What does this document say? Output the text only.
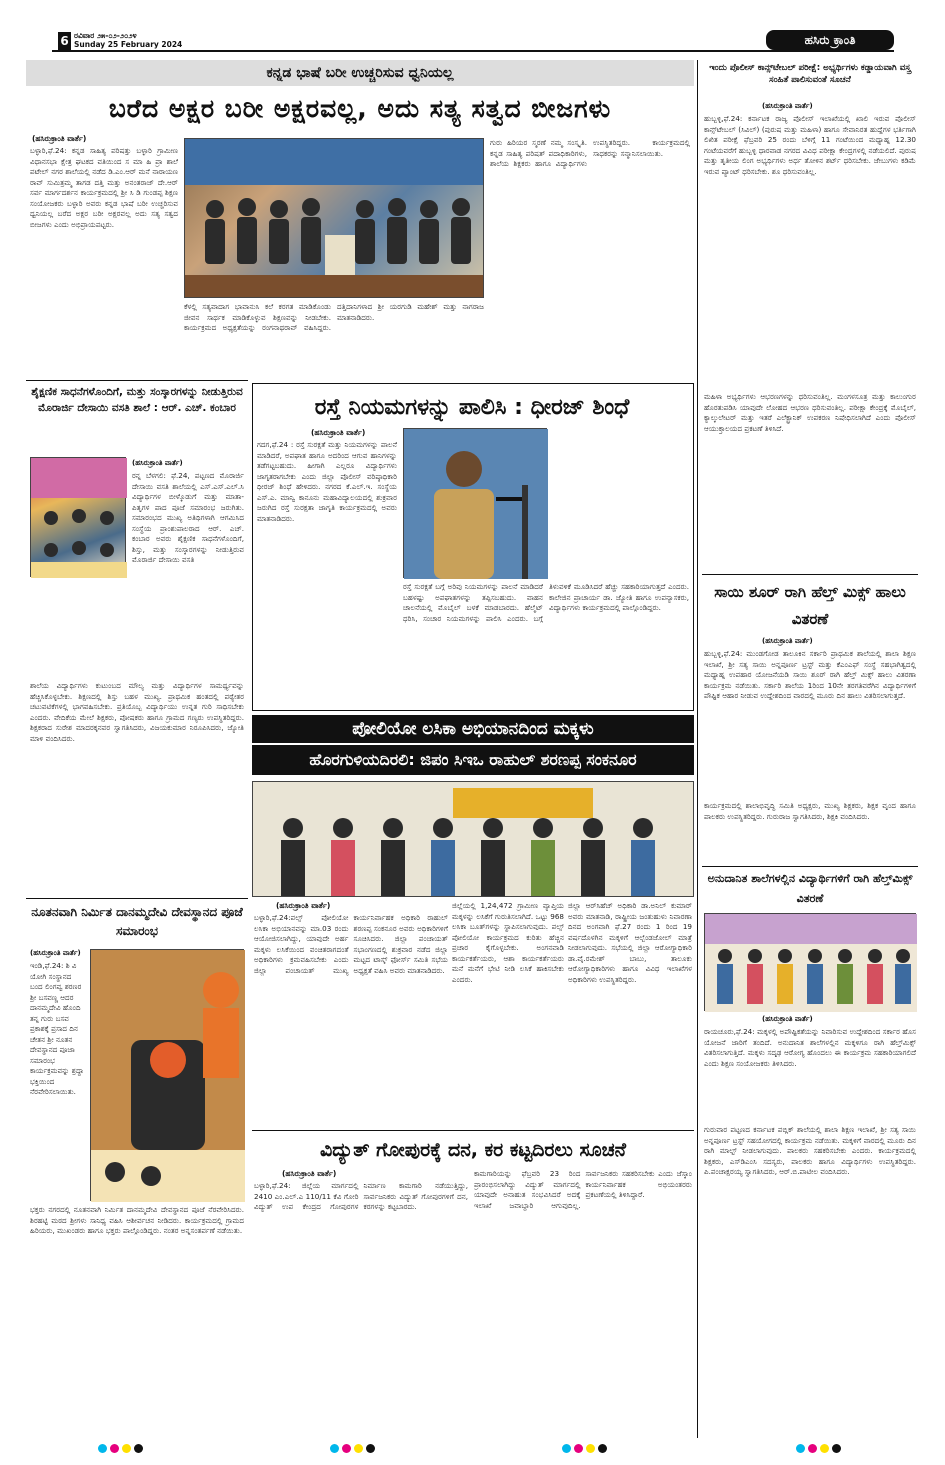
6 ರವಿವಾರ ೨೫-೦೨-೨೦೨೪
Sunday 25 February 2024	ಹಸಿರು ಕ್ರಾಂತಿ
ಕನ್ನಡ ಭಾಷೆ ಬರೀ ಉಚ್ಚರಿಸುವ ಧ್ವನಿಯಲ್ಲ
ಬರೆದ ಅಕ್ಷರ ಬರೀ ಅಕ್ಷರವಲ್ಲ, ಅದು ಸತ್ಯ ಸತ್ವದ ಬೀಜಗಳು
(ಹಸಿರುಕ್ರಾಂತಿ ವಾರ್ತೆ)
ಬಳ್ಳಾರಿ,ಫೆ.24: ಕನ್ನಡ ಸಾಹಿತ್ಯ ಪರಿಷತ್ತು ಬಳ್ಳಾರಿ ಗ್ರಾಮೀಣ ವಿಧಾನಸಭಾ ಕ್ಷೇತ್ರ ಘಟಕದ ವತಿಯಿಂದ ಸ ಮಾ ಹಿ ಪ್ರಾ ಶಾಲೆ ಪಟೇಲ್ ನಗರ ಶಾಲೆಯಲ್ಲಿ ನಡೆದ ಡಿ.ಎಂ.ಆರ್ ಮನೆ ನಾರಾಯಣ ರಾವ್ ಸುಮಿತ್ರಮ್ಮ ತಾಗಡ ದತ್ತಿ ಮತ್ತು ಅನಂತರಾಜ್ ದೇ.ಆರ್ ಸರ್ವ ಮಾರ್ಗದರ್ಶನ ಕಾರ್ಯಕ್ರಮದಲ್ಲಿ ಶ್ರೀ ಸಿ ಡಿ ಗುಂಡಪ್ಪ ಶಿಕ್ಷಣ ಸಂಯೋಜಕರು ಬಳ್ಳಾರಿ ಅವರು ಕನ್ನಡ ಭಾಷೆ ಬರೀ ಉಚ್ಚರಿಸುವ ಧ್ವನಿಯಲ್ಲ ಬರೆದ ಅಕ್ಷರ ಬರೀ ಅಕ್ಷರವಲ್ಲ ಅದು ಸತ್ಯ ಸತ್ವದ ಬೀಜಗಳು ಎಂದು ಅಭಿಪ್ರಾಯಪಟ್ಟರು.
ಕೆಳಲ್ಲಿ ಸತ್ಯವಾದಾಗ ಭಾವಾನುಸಿ ಕಲೆ ಕರಗತ ಮಾಡಿಕೊಂಡು ಜೀವನ ಸಾರ್ಥಕ ಮಾಡಿಕೊಳ್ಳುವ ಶಿಕ್ಷಣವನ್ನು ನೀಡಬೇಕು. ಕಾರ್ಯಕ್ರಮದ ಅಧ್ಯಕ್ಷತೆಯನ್ನು ರಂಗನಾಥರಾವ್ ವಹಿಸಿದ್ದರು. ದತ್ತಿದಾನಿಗಳಾದ ಶ್ರೀ ಯರಗುಡಿ ಮಹೇಶ್ ಮತ್ತು ನಾಗರಾಜ ಮಾತನಾಡಿದರು.
ಗುರು ಹಿರಿಯರ ಸ್ಮರಣೆ ನಮ್ಮ ಸಂಸ್ಕೃತಿ. ಕನ್ನಡ ಸಾಹಿತ್ಯ ಪರಿಷತ್ ಪದಾಧಿಕಾರಿಗಳು, ಶಾಲೆಯ ಶಿಕ್ಷಕರು ಹಾಗೂ ವಿದ್ಯಾರ್ಥಿಗಳು ಉಪಸ್ಥಿತರಿದ್ದರು. ಕಾರ್ಯಕ್ರಮದಲ್ಲಿ ಸಾಧಕರನ್ನು ಸನ್ಮಾನಿಸಲಾಯಿತು.
ಶೈಕ್ಷಣಿಕ ಸಾಧನೆಗಳೊಂದಿಗೆ, ಮತ್ತು ಸಂಸ್ಕಾರಗಳನ್ನು ನೀಡುತ್ತಿರುವ ಮೊರಾರ್ಜಿ ದೇಸಾಯಿ ವಸತಿ ಶಾಲೆ : ಆರ್. ಎಚ್. ಕಂಬಾರ
(ಹಸಿರುಕ್ರಾಂತಿ ವಾರ್ತೆ)
ರನ್ನ ಬೆಳಗಲಿ: ಫೆ.24, ಪಟ್ಟಣದ ಮೊರಾರ್ಜಿ ದೇಸಾಯಿ ವಸತಿ ಶಾಲೆಯಲ್ಲಿ ಎಸ್.ಎಸ್.ಎಲ್.ಸಿ ವಿದ್ಯಾರ್ಥಿಗಳ ಬೀಳ್ಕೊಡುಗೆ ಮತ್ತು ಮಾತಾ-ಪಿತೃಗಳ ಪಾದ ಪೂಜೆ ಸಮಾರಂಭ ಜರುಗಿತು. ಸಮಾರಂಭದ ಮುಖ್ಯ ಅತಿಥಿಗಳಾಗಿ ಆಗಮಿಸಿದ ಸಂಸ್ಥೆಯ ಪ್ರಾಂಶುಪಾಲರಾದ ಆರ್. ಎಚ್. ಕಂಬಾರ ಅವರು ಶೈಕ್ಷಣಿಕ ಸಾಧನೆಗಳೊಂದಿಗೆ, ಶಿಸ್ತು, ಮತ್ತು ಸಂಸ್ಕಾರಗಳನ್ನು ನೀಡುತ್ತಿರುವ ಮೊರಾರ್ಜಿ ದೇಸಾಯಿ ವಸತಿ
ಶಾಲೆಯ ವಿದ್ಯಾರ್ಥಿಗಳು ಕುಟುಂಬದ ಮೌಲ್ಯ ಮತ್ತು ವಿದ್ಯಾರ್ಥಿಗಳ ಸಾಮರ್ಥ್ಯವನ್ನು ಹೆಚ್ಚಿಸಿಕೊಳ್ಳಬೇಕು. ಶಿಕ್ಷಣದಲ್ಲಿ ಶಿಸ್ತು ಬಹಳ ಮುಖ್ಯ. ಪ್ರಾಥಮಿಕ ಹಂತದಲ್ಲಿ ಪಠ್ಯೇತರ ಚಟುವಟಿಕೆಗಳಲ್ಲಿ ಭಾಗವಹಿಸಬೇಕು. ಪ್ರತಿಯೊಬ್ಬ ವಿದ್ಯಾರ್ಥಿಯು ಉನ್ನತ ಗುರಿ ಸಾಧಿಸಬೇಕು ಎಂದರು. ವೇದಿಕೆಯ ಮೇಲೆ ಶಿಕ್ಷಕರು, ಪೋಷಕರು ಹಾಗೂ ಗ್ರಾಮದ ಗಣ್ಯರು ಉಪಸ್ಥಿತರಿದ್ದರು. ಶಿಕ್ಷಕರಾದ ಸುರೇಶ ಮಾದರಕ್ಕನವರ ಸ್ವಾಗತಿಸಿದರು, ವಿಜಯಕುಮಾರ ನಿರೂಪಿಸಿದರು, ಜ್ಯೋತಿ ಮಾಳಿ ವಂದಿಸಿದರು.
ನೂತನವಾಗಿ ನಿರ್ಮಿತ ದಾನಮ್ಮದೇವಿ ದೇವಸ್ಥಾನದ ಪೂಜೆ ಸಮಾರಂಭ
(ಹಸಿರುಕ್ರಾಂತಿ ವಾರ್ತೆ)
ಇಂಡಿ,ಫೆ.24: ಶಿ ವಿ ಯೋಗಿ ಸಂಸ್ಥಾನದ ಬಂದ ಲಿಂಗವ್ವ ಶರಣರ ಶ್ರೀ ಬಸವಣ್ಣ ಆದರ ದಾನಮ್ಮದೇವಿ ಹೊಂದಿ ತನ್ನ ಗುರು ಬಸವ ಪ್ರಕಾಶಕ್ಕೆ ಪ್ರಸಾದ ದಿನ ಚೇತನ ಶ್ರೀ ನೂತನ ದೇವಸ್ಥಾನದ ಪೂಜಾ ಸಮಾರಂಭ ಕಾರ್ಯಕ್ರಮವನ್ನು ಶ್ರದ್ಧಾ ಭಕ್ತಿಯಿಂದ ನೆರವೇರಿಸಲಾಯಿತು.
ಭಕ್ತರು ನಗರದಲ್ಲಿ ನೂತನವಾಗಿ ನಿರ್ಮಿತ ದಾನಮ್ಮದೇವಿ ದೇವಸ್ಥಾನದ ಪೂಜೆ ನೆರವೇರಿಸಿದರು. ಶಿರಹಟ್ಟಿ ಮಠದ ಶ್ರೀಗಳು ಸಾನಿಧ್ಯ ವಹಿಸಿ ಆಶೀರ್ವಚನ ನೀಡಿದರು. ಕಾರ್ಯಕ್ರಮದಲ್ಲಿ ಗ್ರಾಮದ ಹಿರಿಯರು, ಮುಖಂಡರು ಹಾಗೂ ಭಕ್ತರು ಪಾಲ್ಗೊಂಡಿದ್ದರು. ನಂತರ ಅನ್ನಸಂತರ್ಪಣೆ ನಡೆಯಿತು.
ರಸ್ತೆ ನಿಯಮಗಳನ್ನು ಪಾಲಿಸಿ : ಧೀರಜ್ ಶಿಂಧೆ
(ಹಸಿರುಕ್ರಾಂತಿ ವಾರ್ತೆ)
ಗದಗ,ಫೆ.24 : ರಸ್ತೆ ಸುರಕ್ಷತೆ ಮತ್ತು ನಿಯಮಗಳನ್ನು ಪಾಲನೆ ಮಾಡಿದರೆ, ಅಪಘಾತ ಹಾಗೂ ಅದರಿಂದ ಆಗುವ ಹಾನಿಗಳನ್ನು ತಡೆಗಟ್ಟಬಹುದು. ಹೀಗಾಗಿ ಎಲ್ಲರೂ ವಿದ್ಯಾರ್ಥಿಗಳು ಜಾಗೃತರಾಗಬೇಕು ಎಂದು ಜಿಲ್ಲಾ ಪೊಲೀಸ್ ವರಿಷ್ಠಾಧಿಕಾರಿ ಧೀರಜ್ ಶಿಂಧೆ ಹೇಳಿದರು. ನಗರದ ಕೆ.ಎಲ್.ಇ. ಸಂಸ್ಥೆಯ ಎಸ್.ಎ. ಮಾನ್ವಿ ಕಾನೂನು ಮಹಾವಿದ್ಯಾಲಯದಲ್ಲಿ ಶುಕ್ರವಾರ ಜರುಗಿದ ರಸ್ತೆ ಸುರಕ್ಷತಾ ಜಾಗೃತಿ ಕಾರ್ಯಕ್ರಮದಲ್ಲಿ ಅವರು ಮಾತನಾಡಿದರು.
ರಸ್ತೆ ಸುರಕ್ಷತೆ ಬಗ್ಗೆ ಅರಿವು ನಿಯಮಗಳನ್ನು ಪಾಲನೆ ಮಾಡಿದರೆ ಬಹಳಷ್ಟು ಅಪಘಾತಗಳನ್ನು ತಪ್ಪಿಸಬಹುದು. ವಾಹನ ಚಾಲನೆಯಲ್ಲಿ ಮೊಬೈಲ್ ಬಳಕೆ ಮಾಡಬಾರದು. ಹೆಲ್ಮೆಟ್ ಧರಿಸಿ, ಸಂಚಾರ ನಿಯಮಗಳನ್ನು ಪಾಲಿಸಿ ಎಂದರು. ಬಗ್ಗೆ ತಿಳುವಳಿಕೆ ಮೂಡಿಸಿದರೆ ಹೆಚ್ಚು ಸಹಕಾರಿಯಾಗುತ್ತದೆ ಎಂದರು. ಕಾಲೇಜಿನ ಪ್ರಾಚಾರ್ಯ ಡಾ. ಜ್ಯೋತಿ ಹಾಗೂ ಉಪನ್ಯಾಸಕರು, ವಿದ್ಯಾರ್ಥಿಗಳು ಕಾರ್ಯಕ್ರಮದಲ್ಲಿ ಪಾಲ್ಗೊಂಡಿದ್ದರು.
ಪೋಲಿಯೋ ಲಸಿಕಾ ಅಭಿಯಾನದಿಂದ ಮಕ್ಕಳು
ಹೊರಗುಳಿಯದಿರಲಿ: ಜಿಪಂ ಸಿಇಒ ರಾಹುಲ್ ಶರಣಪ್ಪ ಸಂಕನೂರ
(ಹಸಿರುಕ್ರಾಂತಿ ವಾರ್ತೆ)
ಬಳ್ಳಾರಿ,ಫೆ.24:ಪಲ್ಸ್ ಪೋಲಿಯೋ ಲಸಿಕಾ ಅಭಿಯಾನವನ್ನು ಮಾ.03 ರಂದು ಆಯೋಜಿಸಲಾಗಿದ್ದು, ಯಾವುದೇ ಅರ್ಹ ಮಕ್ಕಳು ಲಸಿಕೆಯಿಂದ ವಂಚಿತರಾಗದಂತೆ ಅಧಿಕಾರಿಗಳು ಕ್ರಮವಹಿಸಬೇಕು ಎಂದು ಜಿಲ್ಲಾ ಪಂಚಾಯತ್ ಮುಖ್ಯ ಕಾರ್ಯನಿರ್ವಾಹಕ ಅಧಿಕಾರಿ ರಾಹುಲ್ ಶರಣಪ್ಪ ಸಂಕನೂರ ಅವರು ಅಧಿಕಾರಿಗಳಿಗೆ ಸೂಚಿಸಿದರು. ಜಿಲ್ಲಾ ಪಂಚಾಯತ್ ಸಭಾಂಗಣದಲ್ಲಿ ಶುಕ್ರವಾರ ನಡೆದ ಜಿಲ್ಲಾ ಮಟ್ಟದ ಟಾಸ್ಕ್ ಫೋರ್ಸ್ ಸಮಿತಿ ಸಭೆಯ ಅಧ್ಯಕ್ಷತೆ ವಹಿಸಿ ಅವರು ಮಾತನಾಡಿದರು.
ಜಿಲ್ಲೆಯಲ್ಲಿ 1,24,472 ಗ್ರಾಮೀಣ ವ್ಯಾಪ್ತಿಯ ಮಕ್ಕಳನ್ನು ಲಸಿಕೆಗೆ ಗುರುತಿಸಲಾಗಿದೆ. ಒಟ್ಟು 968 ಲಸಿಕಾ ಬೂತ್‌ಗಳನ್ನು ಸ್ಥಾಪಿಸಲಾಗುವುದು. ಪಲ್ಸ್ ಪೋಲಿಯೋ ಕಾರ್ಯಕ್ರಮದ ಕುರಿತು ಹೆಚ್ಚಿನ ಪ್ರಚಾರ ಕೈಗೊಳ್ಳಬೇಕು. ಅಂಗನವಾಡಿ ಕಾರ್ಯಕರ್ತೆಯರು, ಆಶಾ ಕಾರ್ಯಕರ್ತೆಯರು ಮನೆ ಮನೆಗೆ ಭೇಟಿ ನೀಡಿ ಲಸಿಕೆ ಹಾಕಿಸಬೇಕು ಎಂದರು.
ಜಿಲ್ಲಾ ಆರ್‌ಸಿಹೆಚ್ ಅಧಿಕಾರಿ ಡಾ.ಅನಿಲ್ ಕುಮಾರ್ ಅವರು ಮಾತನಾಡಿ, ರಾಷ್ಟ್ರೀಯ ಜಂತುಹುಳು ನಿವಾರಣಾ ದಿನದ ಅಂಗವಾಗಿ ಫೆ.27 ರಂದು 1 ರಿಂದ 19 ವರ್ಷದೊಳಗಿನ ಮಕ್ಕಳಿಗೆ ಆಲ್ಬೆಂಡಜೋಲ್ ಮಾತ್ರೆ ನೀಡಲಾಗುವುದು. ಸಭೆಯಲ್ಲಿ ಜಿಲ್ಲಾ ಆರೋಗ್ಯಾಧಿಕಾರಿ ಡಾ.ವೈ.ರಮೇಶ್ ಬಾಬು, ತಾಲೂಕು ಆರೋಗ್ಯಾಧಿಕಾರಿಗಳು ಹಾಗೂ ವಿವಿಧ ಇಲಾಖೆಗಳ ಅಧಿಕಾರಿಗಳು ಉಪಸ್ಥಿತರಿದ್ದರು.
ವಿದ್ಯುತ್ ಗೋಪುರಕ್ಕೆ ದನ, ಕರ ಕಟ್ಟದಿರಲು ಸೂಚನೆ
(ಹಸಿರುಕ್ರಾಂತಿ ವಾರ್ತೆ)
ಬಳ್ಳಾರಿ,ಫೆ.24: ಜಿಲ್ಲೆಯ ಮಾರ್ಗದಲ್ಲಿ 2410 ಎಂ.ಎಲ್.ಎ 110/11 ಕೆವಿ ಗೋರಿ ವಿದ್ಯುತ್ ಉಪ ಕೇಂದ್ರದ ಗೋಪುರಗಳ ನಿರ್ಮಾಣ ಕಾಮಗಾರಿ ನಡೆಯುತ್ತಿದ್ದು, ಸಾರ್ವಜನಿಕರು ವಿದ್ಯುತ್ ಗೋಪುರಗಳಿಗೆ ದನ, ಕರಗಳನ್ನು ಕಟ್ಟಬಾರದು.
ಕಾಮಗಾರಿಯನ್ನು ಫೆಬ್ರವರಿ 23 ರಿಂದ ಪ್ರಾರಂಭಿಸಲಾಗಿದ್ದು ವಿದ್ಯುತ್ ಮಾರ್ಗದಲ್ಲಿ ಯಾವುದೇ ಅನಾಹುತ ಸಂಭವಿಸಿದರೆ ಅದಕ್ಕೆ ಇಲಾಖೆ ಜವಾಬ್ದಾರಿ ಆಗುವುದಿಲ್ಲ. ಸಾರ್ವಜನಿಕರು ಸಹಕರಿಸಬೇಕು ಎಂದು ಜೆಸ್ಕಾಂ ಕಾರ್ಯನಿರ್ವಾಹಕ ಅಭಿಯಂತರರು ಪ್ರಕಟಣೆಯಲ್ಲಿ ತಿಳಿಸಿದ್ದಾರೆ.
ಇಂದು ಪೊಲೀಸ್ ಕಾನ್ಸ್‌ಟೇಬಲ್ ಪರೀಕ್ಷೆ: ಅಭ್ಯರ್ಥಿಗಳು ಕಡ್ಡಾಯವಾಗಿ ವಸ್ತ್ರ ಸಂಹಿತೆ ಪಾಲಿಸುವಂತೆ ಸೂಚನೆ
(ಹಸಿರುಕ್ರಾಂತಿ ವಾರ್ತೆ)
ಹುಬ್ಬಳ್ಳಿ,ಫೆ.24: ಕರ್ನಾಟಕ ರಾಜ್ಯ ಪೊಲೀಸ್ ಇಲಾಖೆಯಲ್ಲಿ ಖಾಲಿ ಇರುವ ಪೊಲೀಸ್ ಕಾನ್ಸ್‌ಟೇಬಲ್ (ಸಿವಿಲ್) (ಪುರುಷ ಮತ್ತು ಮಹಿಳಾ) ಹಾಗೂ ಸೇವಾನಿರತ ಹುದ್ದೆಗಳ ಭರ್ತಿಗಾಗಿ ಲಿಖಿತ ಪರೀಕ್ಷೆ ಫೆಬ್ರವರಿ 25 ರಂದು ಬೆಳಿಗ್ಗೆ 11 ಗಂಟೆಯಿಂದ ಮಧ್ಯಾಹ್ನ 12.30 ಗಂಟೆಯವರೆಗೆ ಹುಬ್ಬಳ್ಳಿ ಧಾರವಾಡ ನಗರದ ವಿವಿಧ ಪರೀಕ್ಷಾ ಕೇಂದ್ರಗಳಲ್ಲಿ ನಡೆಯಲಿದೆ. ಪುರುಷ ಮತ್ತು ತೃತೀಯ ಲಿಂಗ ಅಭ್ಯರ್ಥಿಗಳು ಅರ್ಧ ತೋಳಿನ ಶರ್ಟ್ ಧರಿಸಬೇಕು. ಜೇಬುಗಳು ಕಡಿಮೆ ಇರುವ ಪ್ಯಾಂಟ್ ಧರಿಸಬೇಕು. ಶೂ ಧರಿಸುವಂತಿಲ್ಲ.
ಮಹಿಳಾ ಅಭ್ಯರ್ಥಿಗಳು ಆಭರಣಗಳನ್ನು ಧರಿಸುವಂತಿಲ್ಲ. ಮಂಗಳಸೂತ್ರ ಮತ್ತು ಕಾಲುಂಗುರ ಹೊರತುಪಡಿಸಿ ಯಾವುದೇ ಲೋಹದ ಆಭರಣ ಧರಿಸುವಂತಿಲ್ಲ. ಪರೀಕ್ಷಾ ಕೇಂದ್ರಕ್ಕೆ ಮೊಬೈಲ್, ಕ್ಯಾಲ್ಕುಲೇಟರ್ ಮತ್ತು ಇತರೆ ಎಲೆಕ್ಟ್ರಾನಿಕ್ ಉಪಕರಣ ನಿಷೇಧಿಸಲಾಗಿದೆ ಎಂದು ಪೊಲೀಸ್ ಆಯುಕ್ತಾಲಯದ ಪ್ರಕಟಣೆ ತಿಳಿಸಿದೆ.
ಸಾಯಿ ಶೂರ್ ರಾಗಿ ಹೆಲ್ತ್ ಮಿಕ್ಸ್ ಹಾಲು ವಿತರಣೆ
(ಹಸಿರುಕ್ರಾಂತಿ ವಾರ್ತೆ)
ಹುಬ್ಬಳ್ಳಿ,ಫೆ.24: ಮುಂಡಗೋಡ ತಾಲೂಕಿನ ಸರ್ಕಾರಿ ಪ್ರಾಥಮಿಕ ಶಾಲೆಯಲ್ಲಿ ಶಾಲಾ ಶಿಕ್ಷಣ ಇಲಾಖೆ, ಶ್ರೀ ಸತ್ಯ ಸಾಯಿ ಅನ್ನಪೂರ್ಣ ಟ್ರಸ್ಟ್ ಮತ್ತು ಕೆಎಂಎಫ್ ಸಂಸ್ಥೆ ಸಹಭಾಗಿತ್ವದಲ್ಲಿ ಮಧ್ಯಾಹ್ನ ಉಪಹಾರ ಯೋಜನೆಯಡಿ ಸಾಯಿ ಶೂರ್ ರಾಗಿ ಹೆಲ್ತ್ ಮಿಕ್ಸ್ ಹಾಲು ವಿತರಣಾ ಕಾರ್ಯಕ್ರಮ ನಡೆಯಿತು. ಸರ್ಕಾರಿ ಶಾಲೆಯ 1ರಿಂದ 10ನೇ ತರಗತಿವರೆಗಿನ ವಿದ್ಯಾರ್ಥಿಗಳಿಗೆ ಪೌಷ್ಟಿಕ ಆಹಾರ ನೀಡುವ ಉದ್ದೇಶದಿಂದ ವಾರದಲ್ಲಿ ಮೂರು ದಿನ ಹಾಲು ವಿತರಿಸಲಾಗುತ್ತದೆ.
ಕಾರ್ಯಕ್ರಮದಲ್ಲಿ ಶಾಲಾಭಿವೃದ್ಧಿ ಸಮಿತಿ ಅಧ್ಯಕ್ಷರು, ಮುಖ್ಯ ಶಿಕ್ಷಕರು, ಶಿಕ್ಷಕ ವೃಂದ ಹಾಗೂ ಪಾಲಕರು ಉಪಸ್ಥಿತರಿದ್ದರು. ಗುರುರಾಜ ಸ್ವಾಗತಿಸಿದರು, ಶಿಕ್ಷಕಿ ವಂದಿಸಿದರು.
ಅನುದಾನಿತ ಶಾಲೆಗಳಲ್ಲಿನ ವಿದ್ಯಾರ್ಥಿಗಳಿಗೆ ರಾಗಿ ಹೆಲ್ತ್‌ಮಿಕ್ಸ್ ವಿತರಣೆ
(ಹಸಿರುಕ್ರಾಂತಿ ವಾರ್ತೆ)
ರಾಯಚೂರು,ಫೆ.24: ಮಕ್ಕಳಲ್ಲಿ ಅಪೌಷ್ಟಿಕತೆಯನ್ನು ನಿವಾರಿಸುವ ಉದ್ದೇಶದಿಂದ ಸರ್ಕಾರ ಹೊಸ ಯೋಜನೆ ಜಾರಿಗೆ ತಂದಿದೆ. ಅನುದಾನಿತ ಶಾಲೆಗಳಲ್ಲಿನ ಮಕ್ಕಳಿಗೂ ರಾಗಿ ಹೆಲ್ತ್‌ಮಿಕ್ಸ್ ವಿತರಿಸಲಾಗುತ್ತಿದೆ. ಮಕ್ಕಳು ಸದೃಢ ಆರೋಗ್ಯ ಹೊಂದಲು ಈ ಕಾರ್ಯಕ್ರಮ ಸಹಕಾರಿಯಾಗಲಿದೆ ಎಂದು ಶಿಕ್ಷಣ ಸಂಯೋಜಕರು ತಿಳಿಸಿದರು.
ಗುರುವಾರ ಪಟ್ಟಣದ ಕರ್ನಾಟಕ ಪಬ್ಲಿಕ್ ಶಾಲೆಯಲ್ಲಿ ಶಾಲಾ ಶಿಕ್ಷಣ ಇಲಾಖೆ, ಶ್ರೀ ಸತ್ಯ ಸಾಯಿ ಅನ್ನಪೂರ್ಣ ಟ್ರಸ್ಟ್ ಸಹಯೋಗದಲ್ಲಿ ಕಾರ್ಯಕ್ರಮ ನಡೆಯಿತು. ಮಕ್ಕಳಿಗೆ ವಾರದಲ್ಲಿ ಮೂರು ದಿನ ರಾಗಿ ಮಾಲ್ಟ್ ನೀಡಲಾಗುವುದು. ಪಾಲಕರು ಸಹಕರಿಸಬೇಕು ಎಂದರು. ಕಾರ್ಯಕ್ರಮದಲ್ಲಿ ಶಿಕ್ಷಕರು, ಎಸ್‌ಡಿಎಂಸಿ ಸದಸ್ಯರು, ಪಾಲಕರು ಹಾಗೂ ವಿದ್ಯಾರ್ಥಿಗಳು ಉಪಸ್ಥಿತರಿದ್ದರು. ಪಿ.ಪಂಚಾಕ್ಷರಯ್ಯ ಸ್ವಾಗತಿಸಿದರು, ಆರ್.ಬಿ.ಪಾಟೀಲ ವಂದಿಸಿದರು.
